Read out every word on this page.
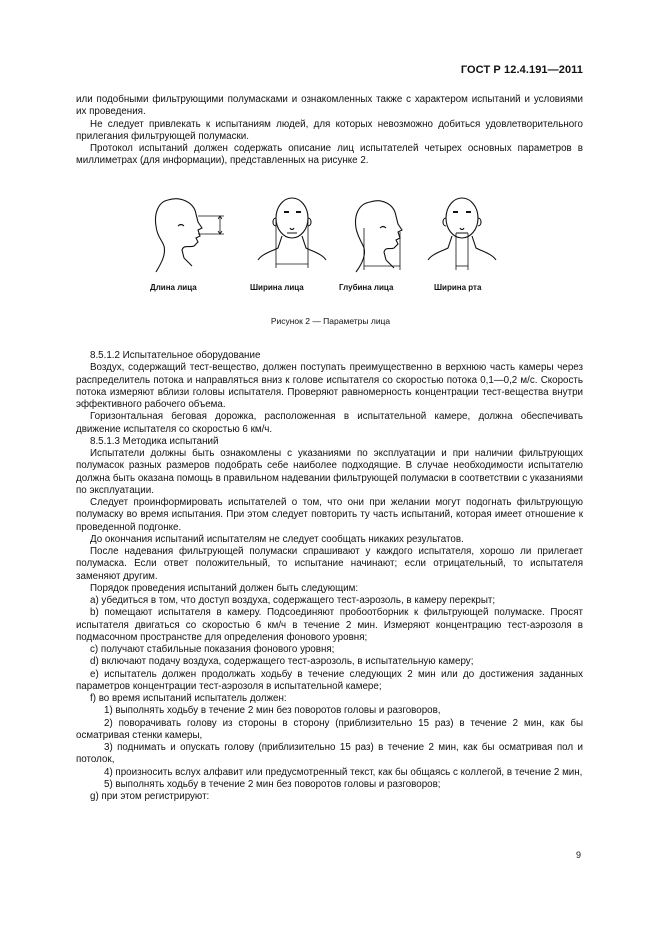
ГОСТ Р 12.4.191—2011

или подобными фильтрующими полумасками и ознакомленных также с характером испытаний и условиями их проведения.

Не следует привлекать к испытаниям людей, для которых невозможно добиться удовлетворительного прилегания фильтрующей полумаски.

Протокол испытаний должен содержать описание лиц испытателей четырех основных параметров в миллиметрах (для информации), представленных на рисунке 2.

Длина лица	Ширина лица	Глубина лица	Ширина рта
Рисунок 2 — Параметры лица

8.5.1.2 Испытательное оборудование

Воздух, содержащий тест-вещество, должен поступать преимущественно в верхнюю часть камеры через распределитель потока и направляться вниз к голове испытателя со скоростью потока 0,1—0,2 м/с. Скорость потока измеряют вблизи головы испытателя. Проверяют равномерность концентрации тест-вещества внутри эффективного рабочего объема.

Горизонтальная беговая дорожка, расположенная в испытательной камере, должна обеспечивать движение испытателя со скоростью 6 км/ч.

8.5.1.3 Методика испытаний

Испытатели должны быть ознакомлены с указаниями по эксплуатации и при наличии фильтрующих полумасок разных размеров подобрать себе наиболее подходящие. В случае необходимости испытателю должна быть оказана помощь в правильном надевании фильтрующей полумаски в соответствии с указаниями по эксплуатации.

Следует проинформировать испытателей о том, что они при желании могут подогнать фильтрующую полумаску во время испытания. При этом следует повторить ту часть испытаний, которая имеет отношение к проведенной подгонке.

До окончания испытаний испытателям не следует сообщать никаких результатов.

После надевания фильтрующей полумаски спрашивают у каждого испытателя, хорошо ли прилегает полумаска. Если ответ положительный, то испытание начинают; если отрицательный, то испытателя заменяют другим.

Порядок проведения испытаний должен быть следующим:

a) убедиться в том, что доступ воздуха, содержащего тест-аэрозоль, в камеру перекрыт;

b) помещают испытателя в камеру. Подсоединяют пробоотборник к фильтрующей полумаске. Просят испытателя двигаться со скоростью 6 км/ч в течение 2 мин. Измеряют концентрацию тест-аэрозоля в подмасочном пространстве для определения фонового уровня;

c) получают стабильные показания фонового уровня;

d) включают подачу воздуха, содержащего тест-аэрозоль, в испытательную камеру;

e) испытатель должен продолжать ходьбу в течение следующих 2 мин или до достижения заданных параметров концентрации тест-аэрозоля в испытательной камере;

f) во время испытаний испытатель должен:

1) выполнять ходьбу в течение 2 мин без поворотов головы и разговоров,

2) поворачивать голову из стороны в сторону (приблизительно 15 раз) в течение 2 мин, как бы осматривая стенки камеры,

3) поднимать и опускать голову (приблизительно 15 раз) в течение 2 мин, как бы осматривая пол и потолок,

4) произносить вслух алфавит или предусмотренный текст, как бы общаясь с коллегой, в течение 2 мин,

5) выполнять ходьбу в течение 2 мин без поворотов головы и разговоров;

g) при этом регистрируют:

9
